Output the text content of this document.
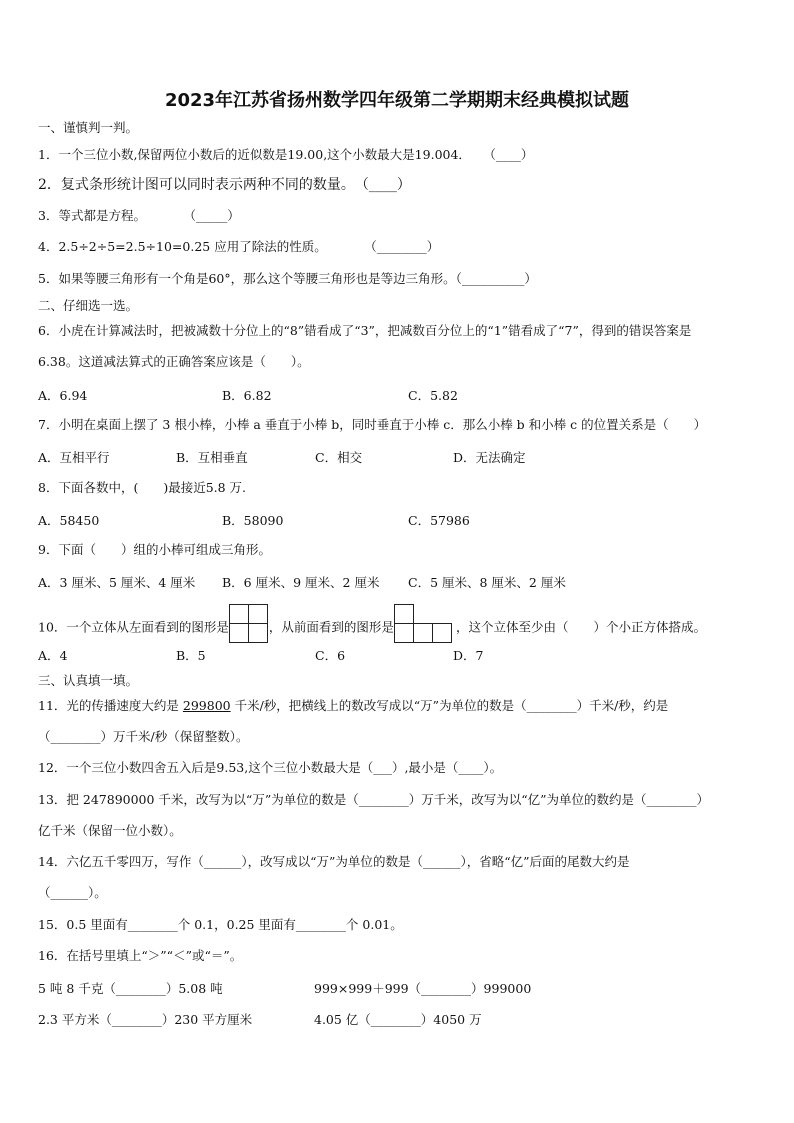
2023年江苏省扬州数学四年级第二学期期末经典模拟试题
一、谨慎判一判。
1．一个三位小数,保留两位小数后的近似数是19.00,这个小数最大是19.004．　　（____）
2．复式条形统计图可以同时表示两种不同的数量。　（____）
3．等式都是方程。　　　　（_____）
4．2.5÷2÷5=2.5÷10=0.25 应用了除法的性质。　　　　（________）
5．如果等腰三角形有一个角是60°，那么这个等腰三角形也是等边三角形。（__________）
二、仔细选一选。
6．小虎在计算减法时，把被减数十分位上的“8”错看成了“3”，把减数百分位上的“1”错看成了“7”，得到的错误答案是
6.38。这道减法算式的正确答案应该是（　　）。
A．6.94	B．6.82	C．5.82
7．小明在桌面上摆了 3 根小棒，小棒 a 垂直于小棒 b，同时垂直于小棒 c．那么小棒 b 和小棒 c 的位置关系是（　　）
A．互相平行	B．互相垂直	C．相交	D．无法确定
8．下面各数中，(　　)最接近5.8 万.
A．58450	B．58090	C．57986
9．下面（　　）组的小棒可组成三角形。
A．3 厘米、5 厘米、4 厘米 B．6 厘米、9 厘米、2 厘米 C．5 厘米、8 厘米、2 厘米
10．一个立体从左面看到的图形是	，从前面看到的图形是	，这个立体至少由（　　）个小正方体搭成。
A．4	B．5	C．6	D．7
三、认真填一填。
11．光的传播速度大约是 299800 千米/秒，把横线上的数改写成以“万”为单位的数是（________）千米/秒，约是
（________）万千米/秒（保留整数）。
12．一个三位小数四舍五入后是9.53,这个三位小数最大是（___）,最小是（____）。
13．把 247890000 千米，改写为以“万”为单位的数是（________）万千米，改写为以“亿”为单位的数约是（________）
亿千米（保留一位小数）。
14．六亿五千零四万，写作（______），改写成以“万”为单位的数是（______），省略“亿”后面的尾数大约是
（______）。
15．0.5 里面有________个 0.1，0.25 里面有________个 0.01。
16．在括号里填上“＞”“＜”或“＝”。
5 吨 8 千克（________）5.08 吨	999×999＋999（________）999000
2.3 平方米（________）230 平方厘米	4.05 亿（________）4050 万
